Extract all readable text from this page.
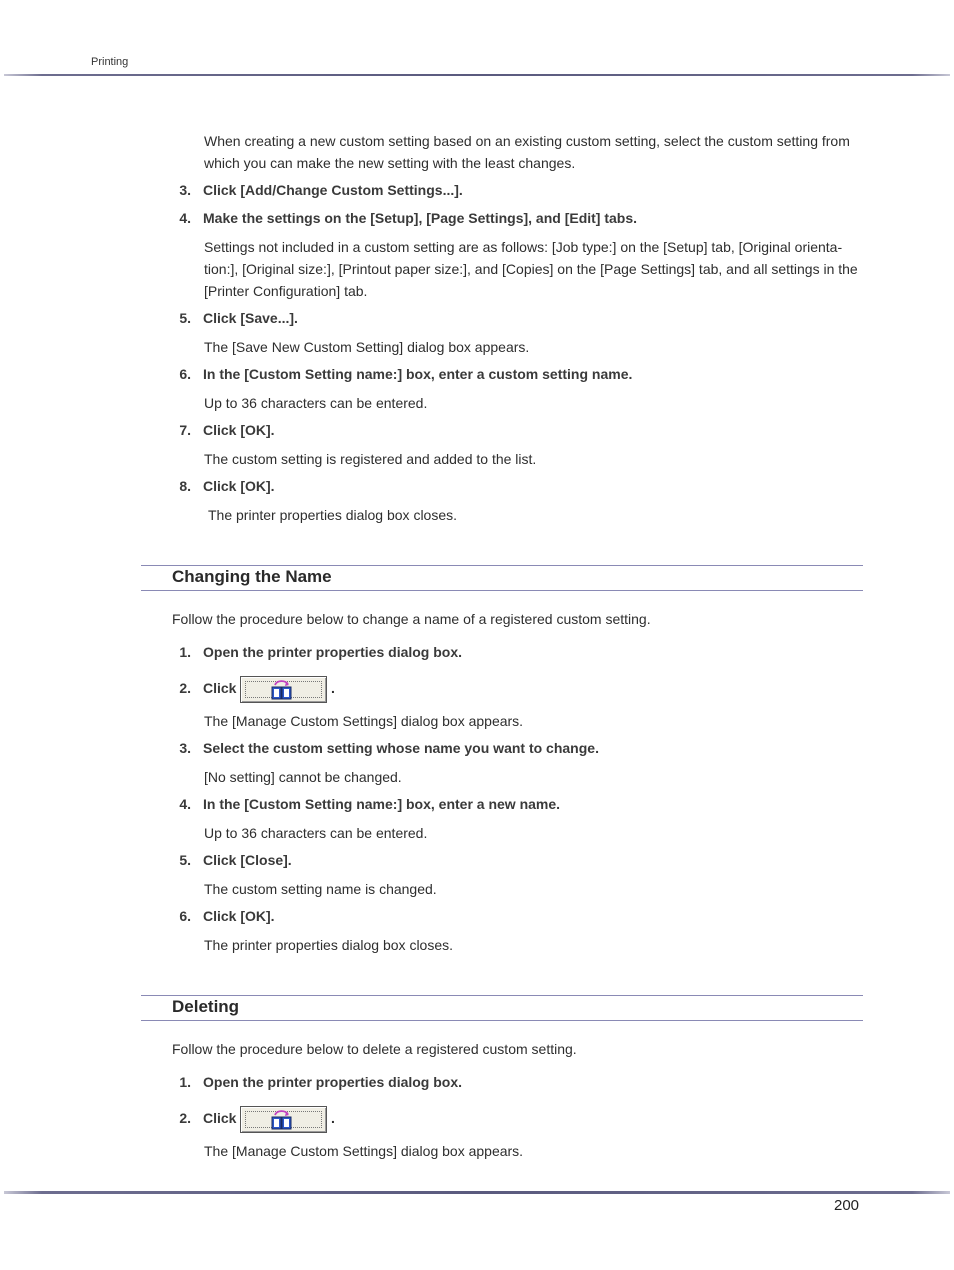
Printing
When creating a new custom setting based on an existing custom setting, select the custom setting from which you can make the new setting with the least changes.
3. Click [Add/Change Custom Settings...].
4. Make the settings on the [Setup], [Page Settings], and [Edit] tabs.
Settings not included in a custom setting are as follows: [Job type:] on the [Setup] tab, [Original orienta-tion:], [Original size:], [Printout paper size:], and [Copies] on the [Page Settings] tab, and all settings in the [Printer Configuration] tab.
5. Click [Save...].
The [Save New Custom Setting] dialog box appears.
6. In the [Custom Setting name:] box, enter a custom setting name.
Up to 36 characters can be entered.
7. Click [OK].
The custom setting is registered and added to the list.
8. Click [OK].
The printer properties dialog box closes.
Changing the Name
Follow the procedure below to change a name of a registered custom setting.
1. Open the printer properties dialog box.
2. Click	.
The [Manage Custom Settings] dialog box appears.
3. Select the custom setting whose name you want to change.
[No setting] cannot be changed.
4. In the [Custom Setting name:] box, enter a new name.
Up to 36 characters can be entered.
5. Click [Close].
The custom setting name is changed.
6. Click [OK].
The printer properties dialog box closes.
Deleting
Follow the procedure below to delete a registered custom setting.
1. Open the printer properties dialog box.
2. Click	.
The [Manage Custom Settings] dialog box appears.
200
